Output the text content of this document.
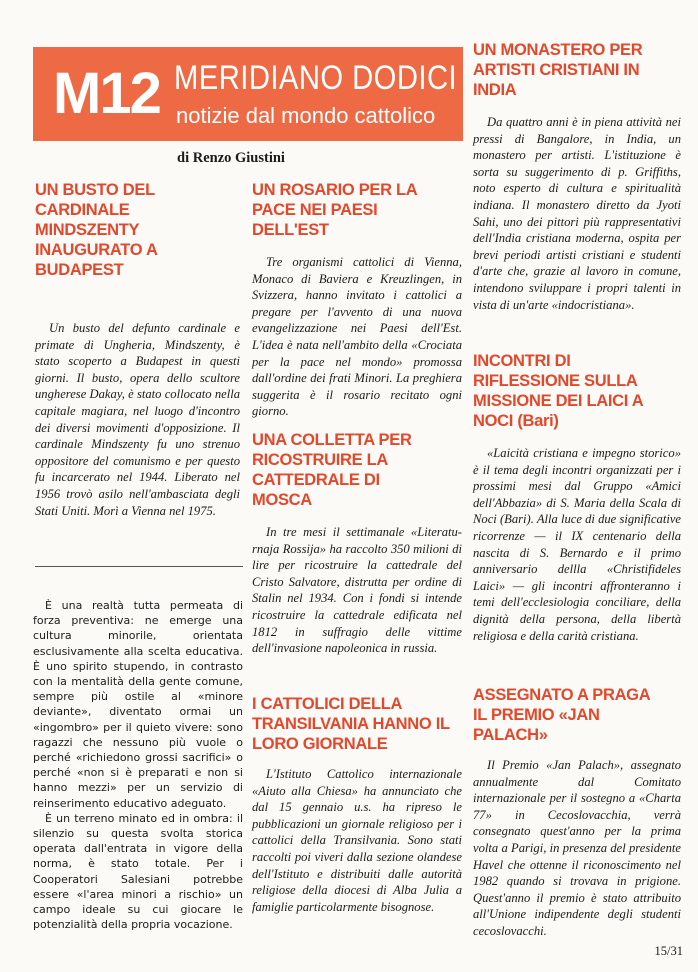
M12 MERIDIANO DODICI
notizie dal mondo cattolico
di Renzo Giustini
UN BUSTO DEL CARDINALE MINDSZENTY INAUGURATO A BUDAPEST

Un busto del defunto cardinale e primate di Ungheria, Mindszenty, è stato scoperto a Budapest in questi giorni. Il busto, opera dello scultore ungherese Dakay, è stato collocato nella capitale magiara, nel luogo d'incontro dei diversi movimenti d'opposizione. Il cardinale Mindszenty fu uno strenuo oppositore del comunismo e per questo fu incarcerato nel 1944. Liberato nel 1956 trovò asilo nell'ambasciata degli Stati Uniti. Morì a Vienna nel 1975.

È una realtà tutta permeata di forza preventiva: ne emerge una cultura minorile, orientata esclusivamente alla scelta educativa. È uno spirito stupendo, in contrasto con la mentalità della gente comune, sempre più ostile al «minore deviante», diventato ormai un «ingombro» per il quieto vivere: sono ragazzi che nessuno più vuole o perché «richiedono grossi sacrifici» o perché «non si è preparati e non si hanno mezzi» per un servizio di reinserimento educativo adeguato.

È un terreno minato ed in ombra: il silenzio su questa svolta storica operata dall'entrata in vigore della norma, è stato totale. Per i Cooperatori Salesiani potrebbe essere «l'area minori a rischio» un campo ideale su cui giocare le potenzialità della propria vocazione.

UN ROSARIO PER LA PACE NEI PAESI DELL'EST

Tre organismi cattolici di Vienna, Monaco di Baviera e Kreuzlingen, in Svizzera, hanno invitato i cattolici a pregare per l'avvento di una nuova evangelizzazione nei Paesi dell'Est. L'idea è nata nell'ambito della «Crociata per la pace nel mondo» promossa dall'ordine dei frati Minori. La preghiera suggerita è il rosario recitato ogni giorno.

UNA COLLETTA PER RICOSTRUIRE LA CATTEDRALE DI MOSCA

In tre mesi il settimanale «Literatu-rnaja Rossija» ha raccolto 350 milioni di lire per ricostruire la cattedrale del Cristo Salvatore, distrutta per ordine di Stalin nel 1934. Con i fondi si intende ricostruire la cattedrale edificata nel 1812 in suffragio delle vittime dell'invasione napoleonica in russia.

I CATTOLICI DELLA TRANSILVANIA HANNO IL LORO GIORNALE

L'Istituto Cattolico internazionale «Aiuto alla Chiesa» ha annunciato che dal 15 gennaio u.s. ha ripreso le pubblicazioni un giornale religioso per i cattolici della Transilvania. Sono stati raccolti poi viveri dalla sezione olandese dell'Istituto e distribuiti dalle autorità religiose della diocesi di Alba Julia a famiglie particolarmente bisognose.

UN MONASTERO PER ARTISTI CRISTIANI IN INDIA

Da quattro anni è in piena attività nei pressi di Bangalore, in India, un monastero per artisti. L'istituzione è sorta su suggerimento di p. Griffiths, noto esperto di cultura e spiritualità indiana. Il monastero diretto da Jyoti Sahi, uno dei pittori più rappresentativi dell'India cristiana moderna, ospita per brevi periodi artisti cristiani e studenti d'arte che, grazie al lavoro in comune, intendono sviluppare i propri talenti in vista di un'arte «indocristiana».

INCONTRI DI RIFLESSIONE SULLA MISSIONE DEI LAICI A NOCI (Bari)

«Laicità cristiana e impegno storico» è il tema degli incontri organizzati per i prossimi mesi dal Gruppo «Amici dell'Abbazia» di S. Maria della Scala di Noci (Bari). Alla luce di due significative ricorrenze — il IX centenario della nascita di S. Bernardo e il primo anniversario dellla «Christifideles Laici» — gli incontri affronteranno i temi dell'ecclesiologia conciliare, della dignità della persona, della libertà religiosa e della carità cristiana.

ASSEGNATO A PRAGA IL PREMIO «JAN PALACH»

Il Premio «Jan Palach», assegnato annualmente dal Comitato internazionale per il sostegno a «Charta 77» in Cecoslovacchia, verrà consegnato quest'anno per la prima volta a Parigi, in presenza del presidente Havel che ottenne il riconoscimento nel 1982 quando si trovava in prigione. Quest'anno il premio è stato attribuito all'Unione indipendente degli studenti cecoslovacchi.

15/31
